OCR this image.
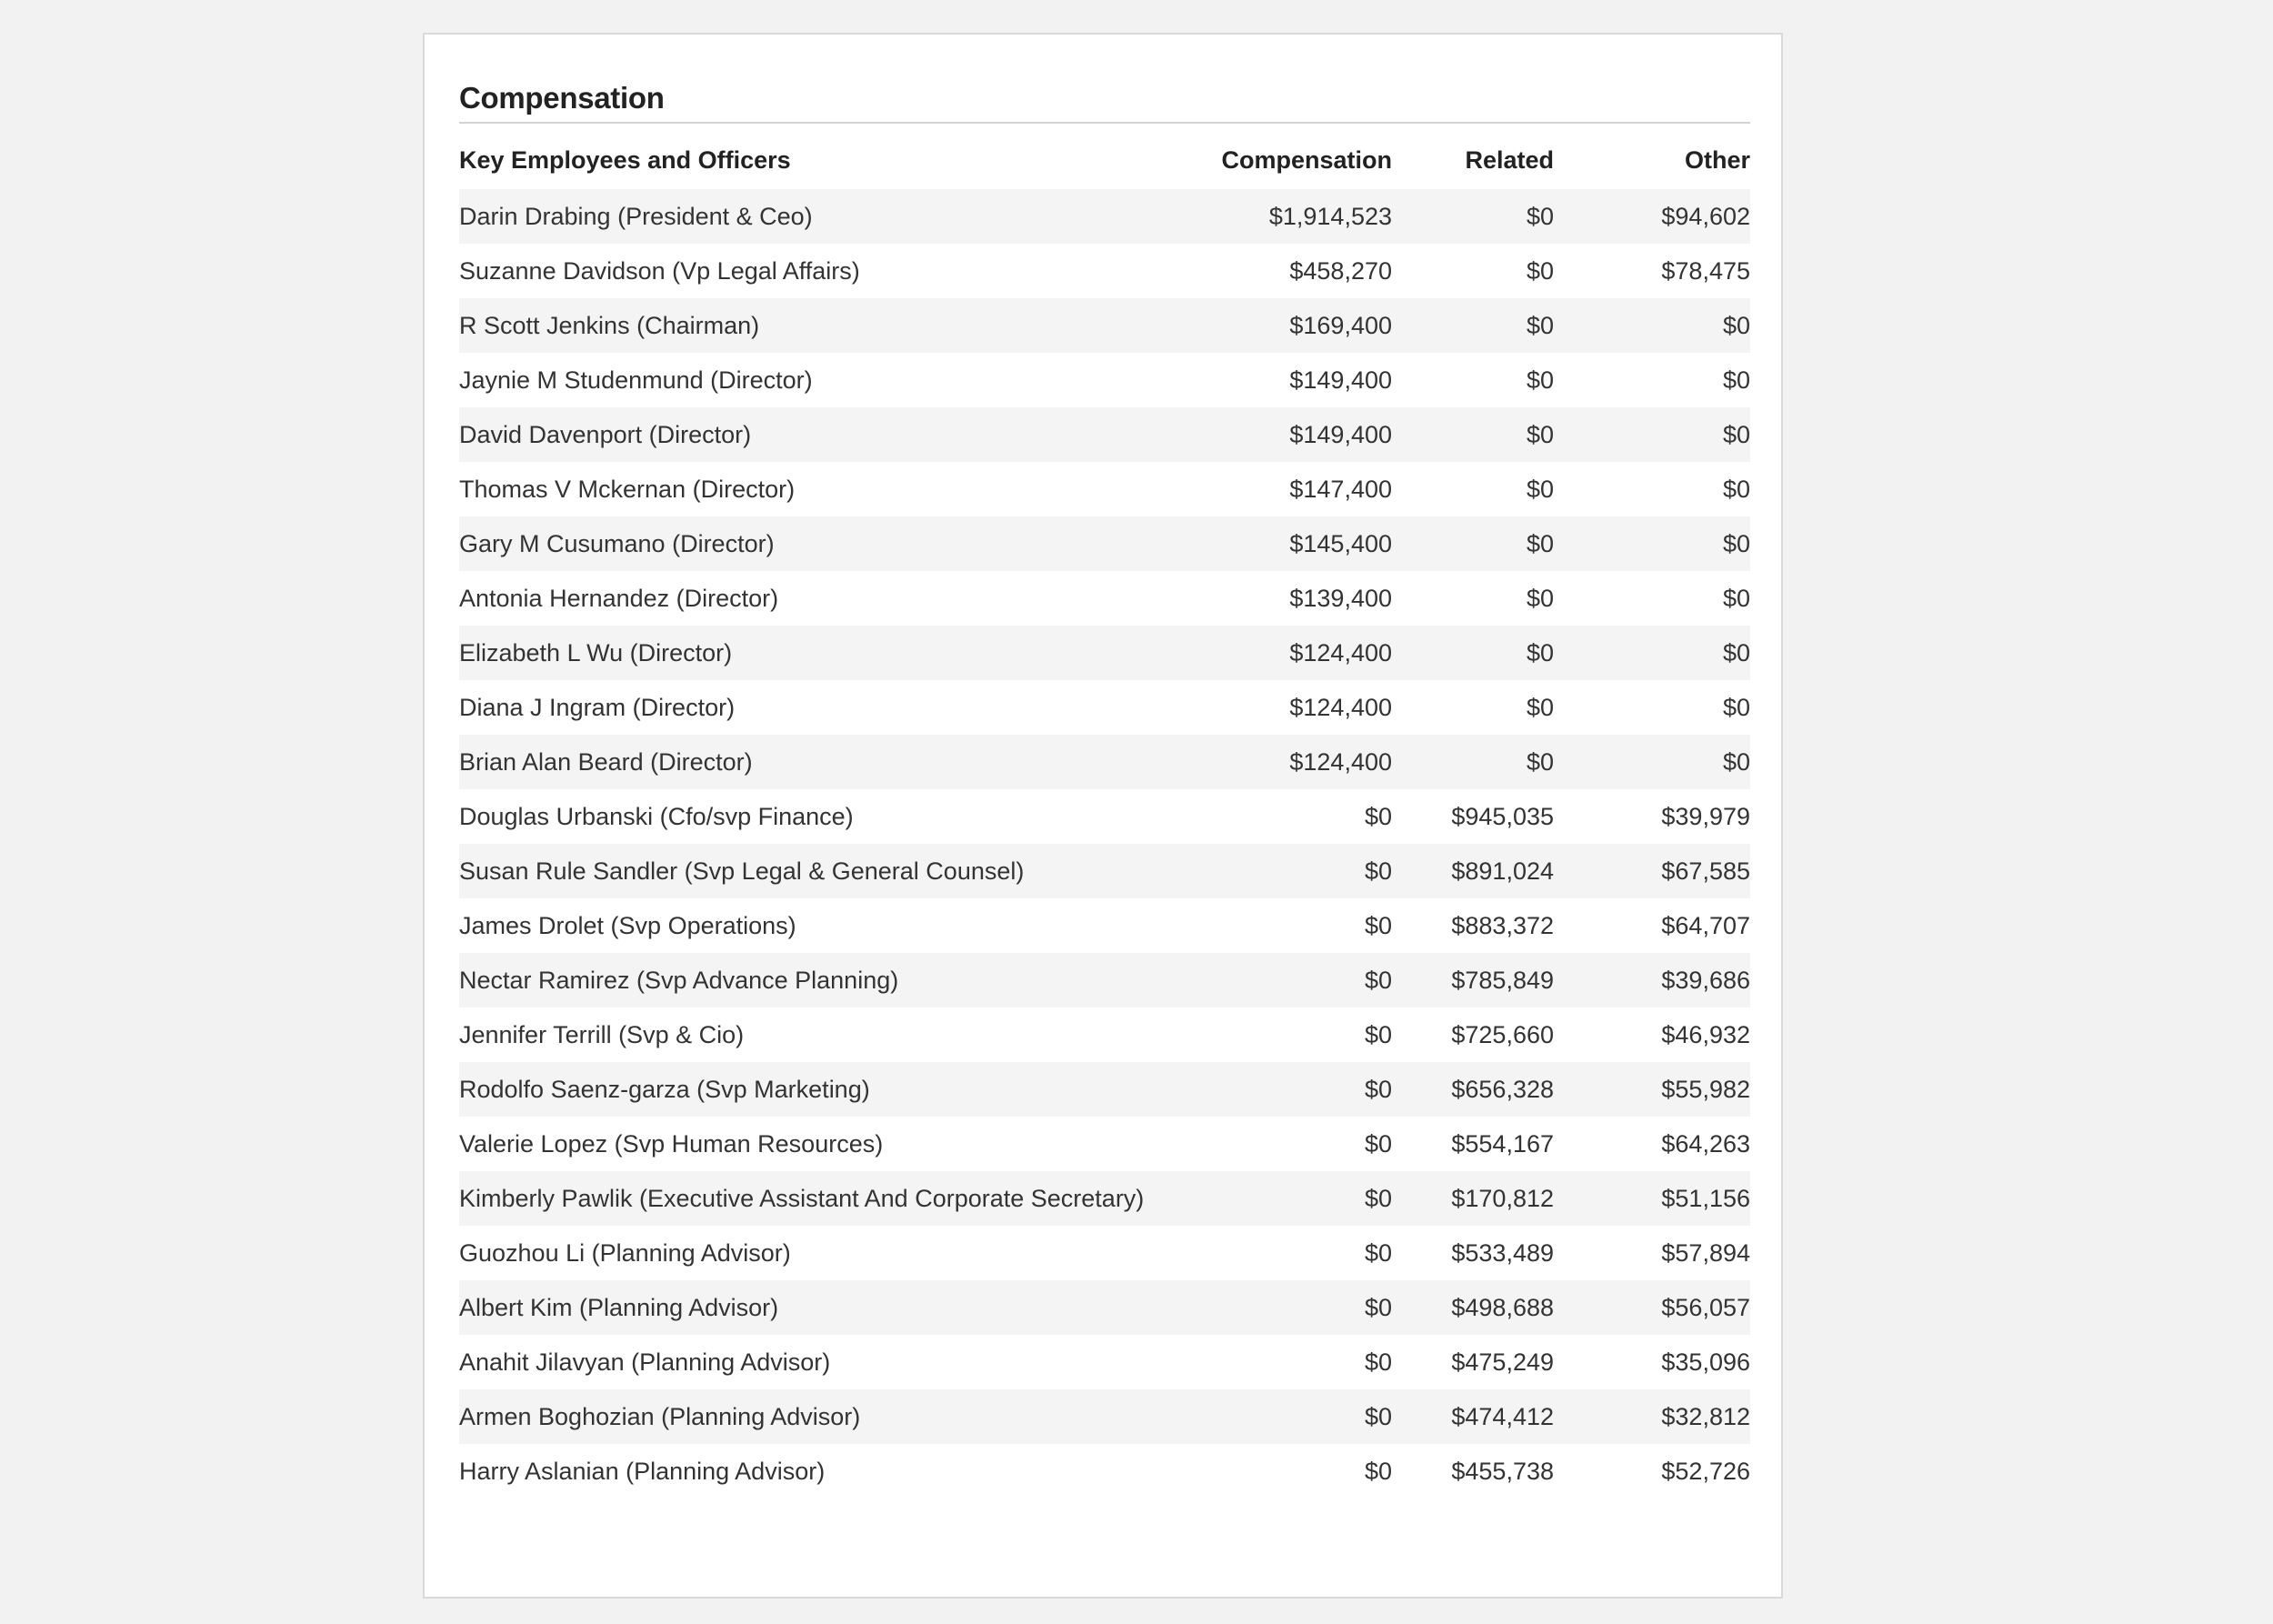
Compensation
Key Employees and Officers	Compensation	Related	Other
Darin Drabing (President & Ceo)	$1,914,523	$0	$94,602
Suzanne Davidson (Vp Legal Affairs)	$458,270	$0	$78,475
R Scott Jenkins (Chairman)	$169,400	$0	$0
Jaynie M Studenmund (Director)	$149,400	$0	$0
David Davenport (Director)	$149,400	$0	$0
Thomas V Mckernan (Director)	$147,400	$0	$0
Gary M Cusumano (Director)	$145,400	$0	$0
Antonia Hernandez (Director)	$139,400	$0	$0
Elizabeth L Wu (Director)	$124,400	$0	$0
Diana J Ingram (Director)	$124,400	$0	$0
Brian Alan Beard (Director)	$124,400	$0	$0
Douglas Urbanski (Cfo/svp Finance)	$0	$945,035	$39,979
Susan Rule Sandler (Svp Legal & General Counsel)	$0	$891,024	$67,585
James Drolet (Svp Operations)	$0	$883,372	$64,707
Nectar Ramirez (Svp Advance Planning)	$0	$785,849	$39,686
Jennifer Terrill (Svp & Cio)	$0	$725,660	$46,932
Rodolfo Saenz-garza (Svp Marketing)	$0	$656,328	$55,982
Valerie Lopez (Svp Human Resources)	$0	$554,167	$64,263
Kimberly Pawlik (Executive Assistant And Corporate Secretary)	$0	$170,812	$51,156
Guozhou Li (Planning Advisor)	$0	$533,489	$57,894
Albert Kim (Planning Advisor)	$0	$498,688	$56,057
Anahit Jilavyan (Planning Advisor)	$0	$475,249	$35,096
Armen Boghozian (Planning Advisor)	$0	$474,412	$32,812
Harry Aslanian (Planning Advisor)	$0	$455,738	$52,726
